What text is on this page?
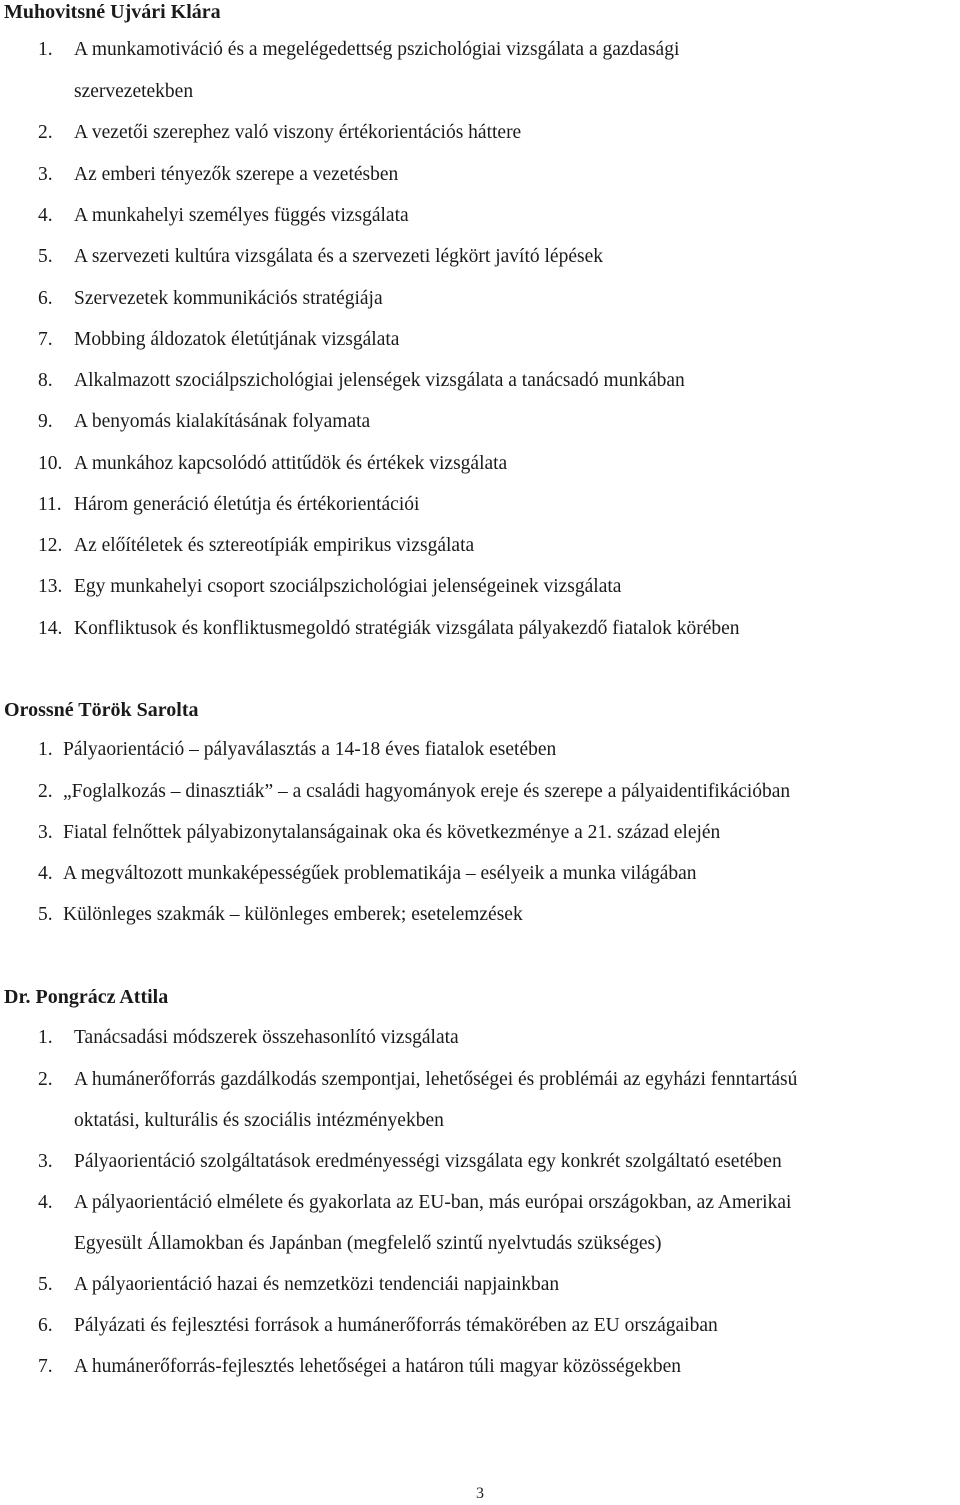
Muhovitsné Ujvári Klára
1. A munkamotiváció és a megelégedettség pszichológiai vizsgálata a gazdasági
szervezetekben
2. A vezetői szerephez való viszony értékorientációs háttere
3. Az emberi tényezők szerepe a vezetésben
4. A munkahelyi személyes függés vizsgálata
5. A szervezeti kultúra vizsgálata és a szervezeti légkört javító lépések
6. Szervezetek kommunikációs stratégiája
7. Mobbing áldozatok életútjának vizsgálata
8. Alkalmazott szociálpszichológiai jelenségek vizsgálata a tanácsadó munkában
9. A benyomás kialakításának folyamata
10. A munkához kapcsolódó attitűdök és értékek vizsgálata
11. Három generáció életútja és értékorientációi
12. Az előítéletek és sztereotípiák empirikus vizsgálata
13. Egy munkahelyi csoport szociálpszichológiai jelenségeinek vizsgálata
14. Konfliktusok és konfliktusmegoldó stratégiák vizsgálata pályakezdő fiatalok körében
Orossné Török Sarolta
1. Pályaorientáció – pályaválasztás a 14-18 éves fiatalok esetében
2. „Foglalkozás – dinasztiák” – a családi hagyományok ereje és szerepe a pályaidentifikációban
3. Fiatal felnőttek pályabizonytalanságainak oka és következménye a 21. század elején
4. A megváltozott munkaképességűek problematikája – esélyeik a munka világában
5. Különleges szakmák – különleges emberek; esetelemzések
Dr. Pongrácz Attila
1. Tanácsadási módszerek összehasonlító vizsgálata
2. A humánerőforrás gazdálkodás szempontjai, lehetőségei és problémái az egyházi fenntartású
oktatási, kulturális és szociális intézményekben
3. Pályaorientáció szolgáltatások eredményességi vizsgálata egy konkrét szolgáltató esetében
4. A pályaorientáció elmélete és gyakorlata az EU-ban, más európai országokban, az Amerikai
Egyesült Államokban és Japánban (megfelelő szintű nyelvtudás szükséges)
5. A pályaorientáció hazai és nemzetközi tendenciái napjainkban
6. Pályázati és fejlesztési források a humánerőforrás témakörében az EU országaiban
7. A humánerőforrás-fejlesztés lehetőségei a határon túli magyar közösségekben
3
